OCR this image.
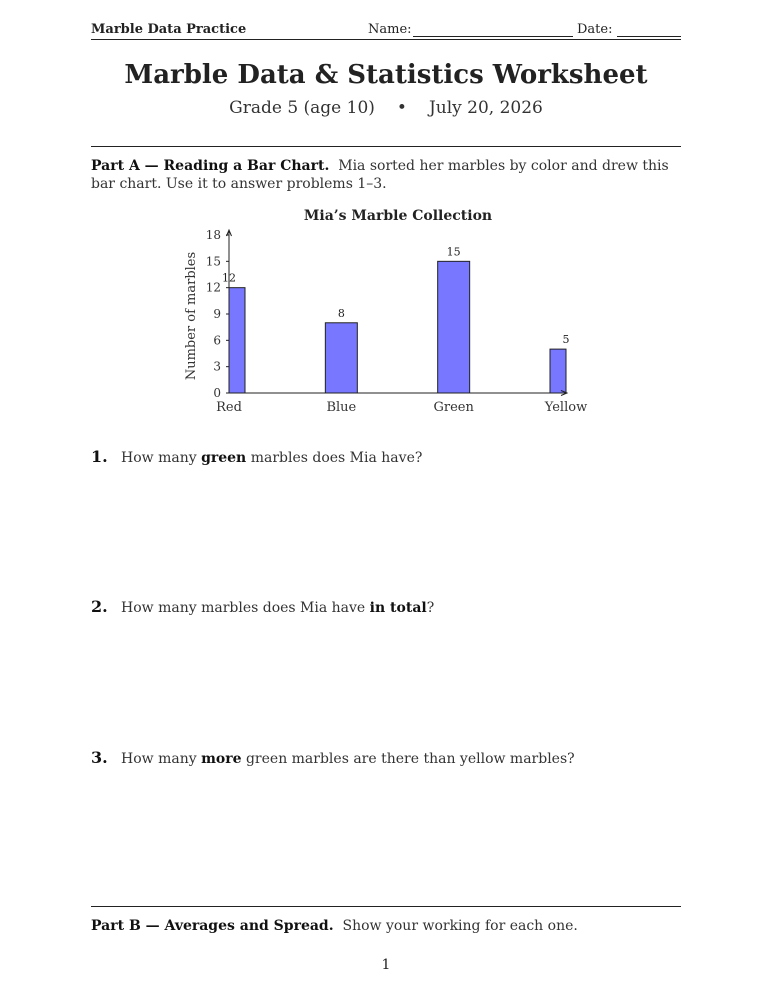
Marble Data Practice	Name:	Date:
Marble Data & Statistics Worksheet
Grade 5 (age 10) • July 20, 2026
Part A — Reading a Bar Chart. Mia sorted her marbles by color and drew this bar chart. Use it to answer problems 1–3.
Mia’s Marble Collection
12
Red
8
Blue
15
Green
5
Yellow
0
3
6
9
12
15
18
Number of marbles
1. How many green marbles does Mia have?
2. How many marbles does Mia have in total?
3. How many more green marbles are there than yellow marbles?
Part B — Averages and Spread. Show your working for each one.
1
